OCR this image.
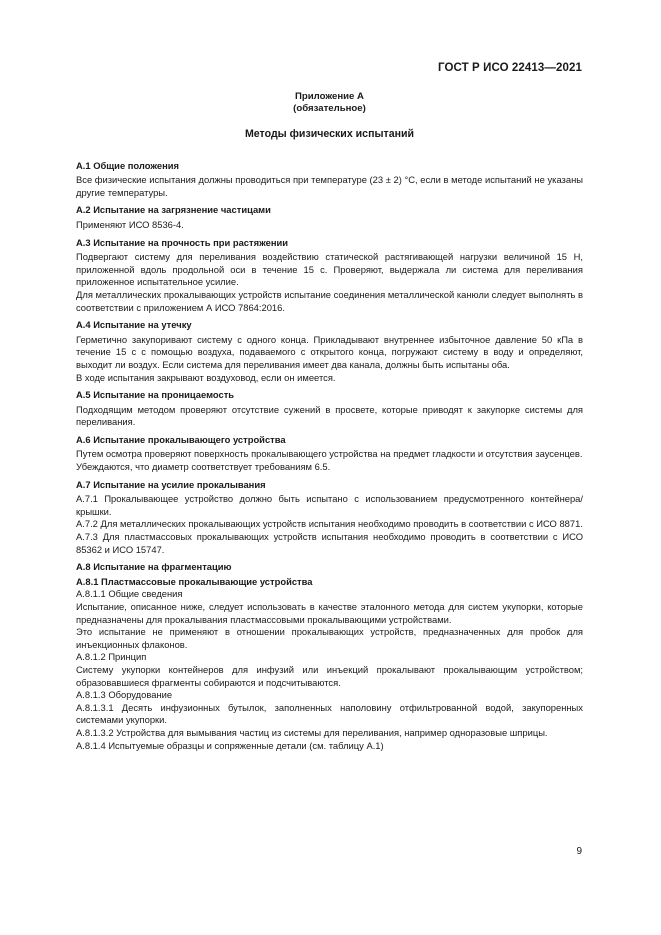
ГОСТ Р ИСО 22413—2021
Приложение А
(обязательное)
Методы физических испытаний
А.1 Общие положения

Все физические испытания должны проводиться при температуре (23 ± 2) °С, если в методе испытаний не указаны другие температуры.

А.2 Испытание на загрязнение частицами

Применяют ИСО 8536-4.

А.3 Испытание на прочность при растяжении

Подвергают систему для переливания воздействию статической растягивающей нагрузки величиной 15 Н, приложенной вдоль продольной оси в течение 15 с. Проверяют, выдержала ли система для переливания приложенное испытательное усилие.

Для металлических прокалывающих устройств испытание соединения металлической канюли следует выполнять в соответствии с приложением А ИСО 7864:2016.

А.4 Испытание на утечку

Герметично закупоривают систему с одного конца. Прикладывают внутреннее избыточное давление 50 кПа в течение 15 с с помощью воздуха, подаваемого с открытого конца, погружают систему в воду и определяют, выходит ли воздух. Если система для переливания имеет два канала, должны быть испытаны оба.

В ходе испытания закрывают воздуховод, если он имеется.

А.5 Испытание на проницаемость

Подходящим методом проверяют отсутствие сужений в просвете, которые приводят к закупорке системы для переливания.

А.6 Испытание прокалывающего устройства

Путем осмотра проверяют поверхность прокалывающего устройства на предмет гладкости и отсутствия заусенцев.

Убеждаются, что диаметр соответствует требованиям 6.5.

А.7 Испытание на усилие прокалывания

А.7.1 Прокалывающее устройство должно быть испытано с использованием предусмотренного контейнера/крышки.

А.7.2 Для металлических прокалывающих устройств испытания необходимо проводить в соответствии с ИСО 8871.

А.7.3 Для пластмассовых прокалывающих устройств испытания необходимо проводить в соответствии с ИСО 85362 и ИСО 15747.

А.8 Испытание на фрагментацию
А.8.1 Пластмассовые прокалывающие устройства

А.8.1.1 Общие сведения

Испытание, описанное ниже, следует использовать в качестве эталонного метода для систем укупорки, которые предназначены для прокалывания пластмассовыми прокалывающими устройствами.

Это испытание не применяют в отношении прокалывающих устройств, предназначенных для пробок для инъекционных флаконов.

А.8.1.2 Принцип

Систему укупорки контейнеров для инфузий или инъекций прокалывают прокалывающим устройством; образовавшиеся фрагменты собираются и подсчитываются.

А.8.1.3 Оборудование

А.8.1.3.1 Десять инфузионных бутылок, заполненных наполовину отфильтрованной водой, закупоренных системами укупорки.

А.8.1.3.2 Устройства для вымывания частиц из системы для переливания, например одноразовые шприцы.

А.8.1.4 Испытуемые образцы и сопряженные детали (см. таблицу А.1)

9
